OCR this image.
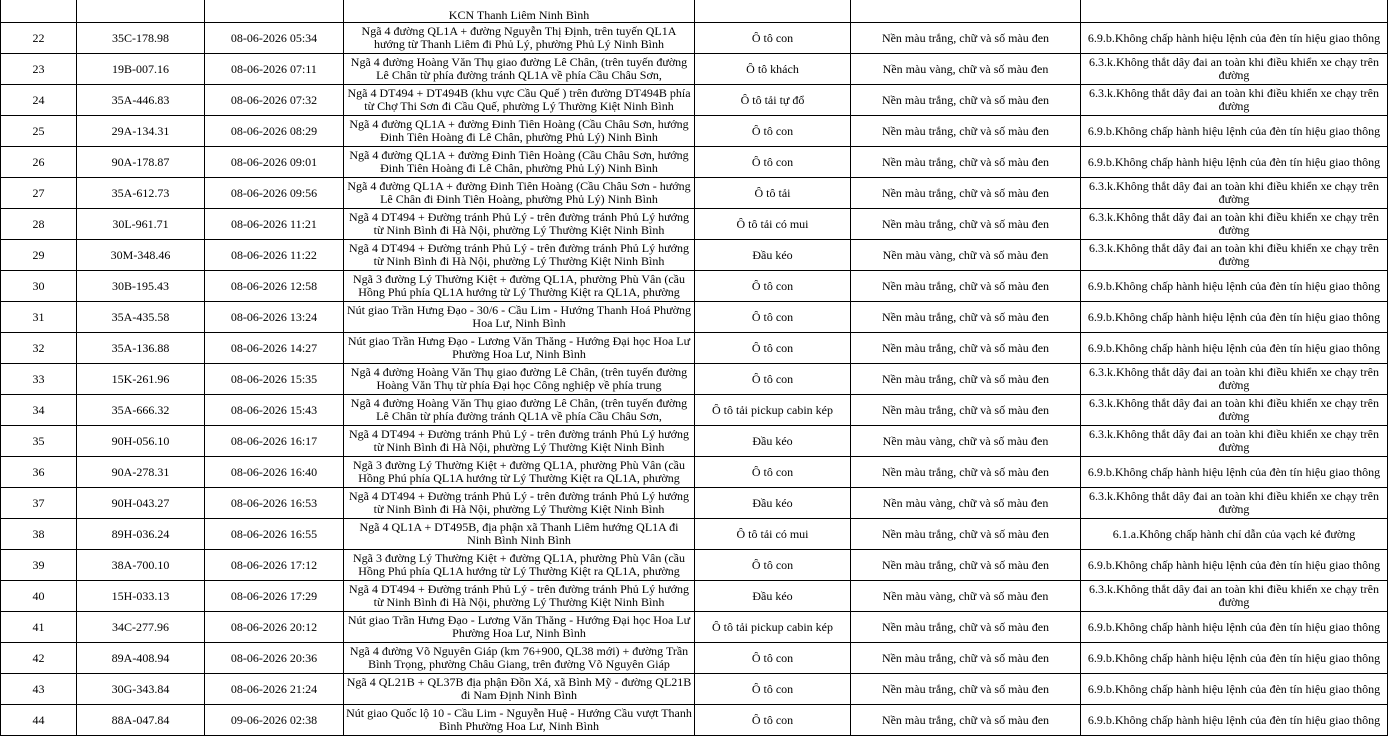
			KCN Thanh Liêm Ninh Bình			

22	35C-178.98	08-06-2026 05:34	Ngã 4 đường QL1A + đường Nguyễn Thị Định, trên tuyến QL1A hướng từ Thanh Liêm đi Phủ Lý, phường Phủ Lý Ninh Bình	Ô tô con	Nền màu trắng, chữ và số màu đen	6.9.b.Không chấp hành hiệu lệnh của đèn tín hiệu giao thông

23	19B-007.16	08-06-2026 07:11	Ngã 4 đường Hoàng Văn Thụ giao đường Lê Chân, (trên tuyến đường Lê Chân từ phía đường tránh QL1A về phía Cầu Châu Sơn,	Ô tô khách	Nền màu vàng, chữ và số màu đen	6.3.k.Không thắt dây đai an toàn khi điều khiển xe chạy trên đường

24	35A-446.83	08-06-2026 07:32	Ngã 4 DT494 + DT494B (khu vực Cầu Quế ) trên đường DT494B phía từ Chợ Thi Sơn đi Cầu Quế, phường Lý Thường Kiệt Ninh Bình	Ô tô tải tự đổ	Nền màu trắng, chữ và số màu đen	6.3.k.Không thắt dây đai an toàn khi điều khiển xe chạy trên đường

25	29A-134.31	08-06-2026 08:29	Ngã 4 đường QL1A + đường Đinh Tiên Hoàng (Cầu Châu Sơn, hướng Đinh Tiên Hoàng đi Lê Chân, phường Phủ Lý) Ninh Bình	Ô tô con	Nền màu trắng, chữ và số màu đen	6.9.b.Không chấp hành hiệu lệnh của đèn tín hiệu giao thông

26	90A-178.87	08-06-2026 09:01	Ngã 4 đường QL1A + đường Đinh Tiên Hoàng (Cầu Châu Sơn, hướng Đinh Tiên Hoàng đi Lê Chân, phường Phủ Lý) Ninh Bình	Ô tô con	Nền màu trắng, chữ và số màu đen	6.9.b.Không chấp hành hiệu lệnh của đèn tín hiệu giao thông

27	35A-612.73	08-06-2026 09:56	Ngã 4 đường QL1A + đường Đinh Tiên Hoàng (Cầu Châu Sơn - hướng Lê Chân đi Đinh Tiên Hoàng, phường Phủ Lý) Ninh Bình	Ô tô tải	Nền màu trắng, chữ và số màu đen	6.3.k.Không thắt dây đai an toàn khi điều khiển xe chạy trên đường

28	30L-961.71	08-06-2026 11:21	Ngã 4 DT494 + Đường tránh Phủ Lý - trên đường tránh Phủ Lý hướng từ Ninh Bình đi Hà Nội, phường Lý Thường Kiệt Ninh Bình	Ô tô tải có mui	Nền màu trắng, chữ và số màu đen	6.3.k.Không thắt dây đai an toàn khi điều khiển xe chạy trên đường

29	30M-348.46	08-06-2026 11:22	Ngã 4 DT494 + Đường tránh Phủ Lý - trên đường tránh Phủ Lý hướng từ Ninh Bình đi Hà Nội, phường Lý Thường Kiệt Ninh Bình	Đầu kéo	Nền màu vàng, chữ và số màu đen	6.3.k.Không thắt dây đai an toàn khi điều khiển xe chạy trên đường

30	30B-195.43	08-06-2026 12:58	Ngã 3 đường Lý Thường Kiệt + đường QL1A, phường Phù Vân (cầu Hồng Phú phía QL1A hướng từ Lý Thường Kiệt ra QL1A, phường	Ô tô con	Nền màu trắng, chữ và số màu đen	6.9.b.Không chấp hành hiệu lệnh của đèn tín hiệu giao thông

31	35A-435.58	08-06-2026 13:24	Nút giao Trần Hưng Đạo - 30/6 - Cầu Lim - Hướng Thanh Hoá Phường Hoa Lư, Ninh Bình	Ô tô con	Nền màu trắng, chữ và số màu đen	6.9.b.Không chấp hành hiệu lệnh của đèn tín hiệu giao thông

32	35A-136.88	08-06-2026 14:27	Nút giao Trần Hưng Đạo - Lương Văn Thăng - Hướng Đại học Hoa Lư Phường Hoa Lư, Ninh Bình	Ô tô con	Nền màu trắng, chữ và số màu đen	6.9.b.Không chấp hành hiệu lệnh của đèn tín hiệu giao thông

33	15K-261.96	08-06-2026 15:35	Ngã 4 đường Hoàng Văn Thụ giao đường Lê Chân, (trên tuyến đường Hoàng Văn Thụ từ phía Đại học Công nghiệp về phía trung	Ô tô con	Nền màu trắng, chữ và số màu đen	6.3.k.Không thắt dây đai an toàn khi điều khiển xe chạy trên đường

34	35A-666.32	08-06-2026 15:43	Ngã 4 đường Hoàng Văn Thụ giao đường Lê Chân, (trên tuyến đường Lê Chân từ phía đường tránh QL1A về phía Cầu Châu Sơn,	Ô tô tải pickup cabin kép	Nền màu trắng, chữ và số màu đen	6.3.k.Không thắt dây đai an toàn khi điều khiển xe chạy trên đường

35	90H-056.10	08-06-2026 16:17	Ngã 4 DT494 + Đường tránh Phủ Lý - trên đường tránh Phủ Lý hướng từ Ninh Bình đi Hà Nội, phường Lý Thường Kiệt Ninh Bình	Đầu kéo	Nền màu vàng, chữ và số màu đen	6.3.k.Không thắt dây đai an toàn khi điều khiển xe chạy trên đường

36	90A-278.31	08-06-2026 16:40	Ngã 3 đường Lý Thường Kiệt + đường QL1A, phường Phù Vân (cầu Hồng Phú phía QL1A hướng từ Lý Thường Kiệt ra QL1A, phường	Ô tô con	Nền màu trắng, chữ và số màu đen	6.9.b.Không chấp hành hiệu lệnh của đèn tín hiệu giao thông

37	90H-043.27	08-06-2026 16:53	Ngã 4 DT494 + Đường tránh Phủ Lý - trên đường tránh Phủ Lý hướng từ Ninh Bình đi Hà Nội, phường Lý Thường Kiệt Ninh Bình	Đầu kéo	Nền màu vàng, chữ và số màu đen	6.3.k.Không thắt dây đai an toàn khi điều khiển xe chạy trên đường

38	89H-036.24	08-06-2026 16:55	Ngã 4 QL1A + DT495B, địa phận xã Thanh Liêm hướng QL1A đi Ninh Bình Ninh Bình	Ô tô tải có mui	Nền màu trắng, chữ và số màu đen	6.1.a.Không chấp hành chỉ dẫn của vạch kẻ đường

39	38A-700.10	08-06-2026 17:12	Ngã 3 đường Lý Thường Kiệt + đường QL1A, phường Phù Vân (cầu Hồng Phú phía QL1A hướng từ Lý Thường Kiệt ra QL1A, phường	Ô tô con	Nền màu trắng, chữ và số màu đen	6.9.b.Không chấp hành hiệu lệnh của đèn tín hiệu giao thông

40	15H-033.13	08-06-2026 17:29	Ngã 4 DT494 + Đường tránh Phủ Lý - trên đường tránh Phủ Lý hướng từ Ninh Bình đi Hà Nội, phường Lý Thường Kiệt Ninh Bình	Đầu kéo	Nền màu vàng, chữ và số màu đen	6.3.k.Không thắt dây đai an toàn khi điều khiển xe chạy trên đường

41	34C-277.96	08-06-2026 20:12	Nút giao Trần Hưng Đạo - Lương Văn Thăng - Hướng Đại học Hoa Lư Phường Hoa Lư, Ninh Bình	Ô tô tải pickup cabin kép	Nền màu trắng, chữ và số màu đen	6.9.b.Không chấp hành hiệu lệnh của đèn tín hiệu giao thông

42	89A-408.94	08-06-2026 20:36	Ngã 4 đường Võ Nguyên Giáp (km 76+900, QL38 mới) + đường Trần Bình Trọng, phường Châu Giang, trên đường Võ Nguyên Giáp	Ô tô con	Nền màu trắng, chữ và số màu đen	6.9.b.Không chấp hành hiệu lệnh của đèn tín hiệu giao thông

43	30G-343.84	08-06-2026 21:24	Ngã 4 QL21B + QL37B địa phận Đồn Xá, xã Bình Mỹ - đường QL21B đi Nam Định Ninh Bình	Ô tô con	Nền màu trắng, chữ và số màu đen	6.9.b.Không chấp hành hiệu lệnh của đèn tín hiệu giao thông

44	88A-047.84	09-06-2026 02:38	Nút giao Quốc lộ 10 - Cầu Lim - Nguyễn Huệ - Hướng Cầu vượt Thanh Bình Phường Hoa Lư, Ninh Bình	Ô tô con	Nền màu trắng, chữ và số màu đen	6.9.b.Không chấp hành hiệu lệnh của đèn tín hiệu giao thông
